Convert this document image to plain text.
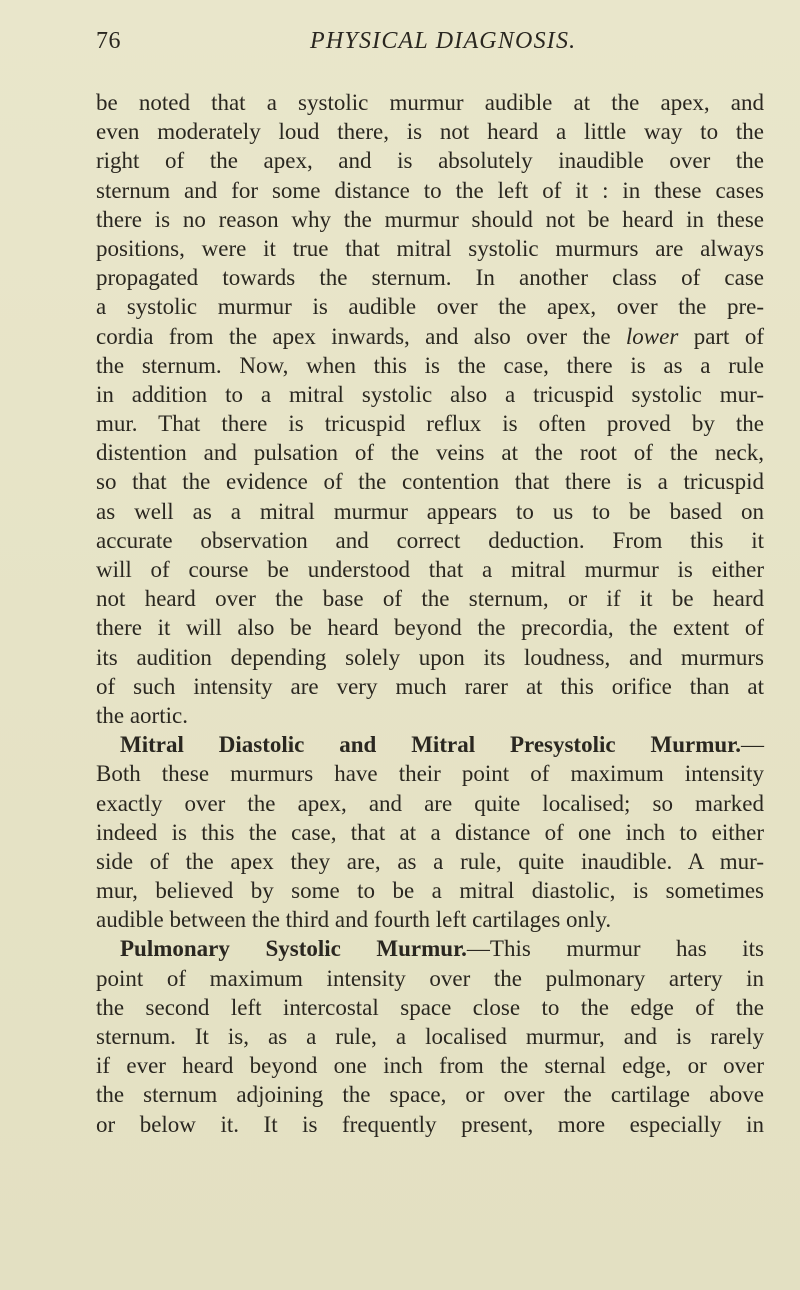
76	PHYSICAL DIAGNOSIS.
be noted that a systolic murmur audible at the apex, and
even moderately loud there, is not heard a little way to the
right of the apex, and is absolutely inaudible over the
sternum and for some distance to the left of it : in these cases
there is no reason why the murmur should not be heard in these
positions, were it true that mitral systolic murmurs are always
propagated towards the sternum. In another class of case
a systolic murmur is audible over the apex, over the pre-
cordia from the apex inwards, and also over the lower part of
the sternum. Now, when this is the case, there is as a rule
in addition to a mitral systolic also a tricuspid systolic mur-
mur. That there is tricuspid reflux is often proved by the
distention and pulsation of the veins at the root of the neck,
so that the evidence of the contention that there is a tricuspid
as well as a mitral murmur appears to us to be based on
accurate observation and correct deduction. From this it
will of course be understood that a mitral murmur is either
not heard over the base of the sternum, or if it be heard
there it will also be heard beyond the precordia, the extent of
its audition depending solely upon its loudness, and murmurs
of such intensity are very much rarer at this orifice than at
the aortic.
Mitral Diastolic and Mitral Presystolic Murmur.—
Both these murmurs have their point of maximum intensity
exactly over the apex, and are quite localised; so marked
indeed is this the case, that at a distance of one inch to either
side of the apex they are, as a rule, quite inaudible. A mur-
mur, believed by some to be a mitral diastolic, is sometimes
audible between the third and fourth left cartilages only.
Pulmonary Systolic Murmur.—This murmur has its
point of maximum intensity over the pulmonary artery in
the second left intercostal space close to the edge of the
sternum. It is, as a rule, a localised murmur, and is rarely
if ever heard beyond one inch from the sternal edge, or over
the sternum adjoining the space, or over the cartilage above
or below it. It is frequently present, more especially in
